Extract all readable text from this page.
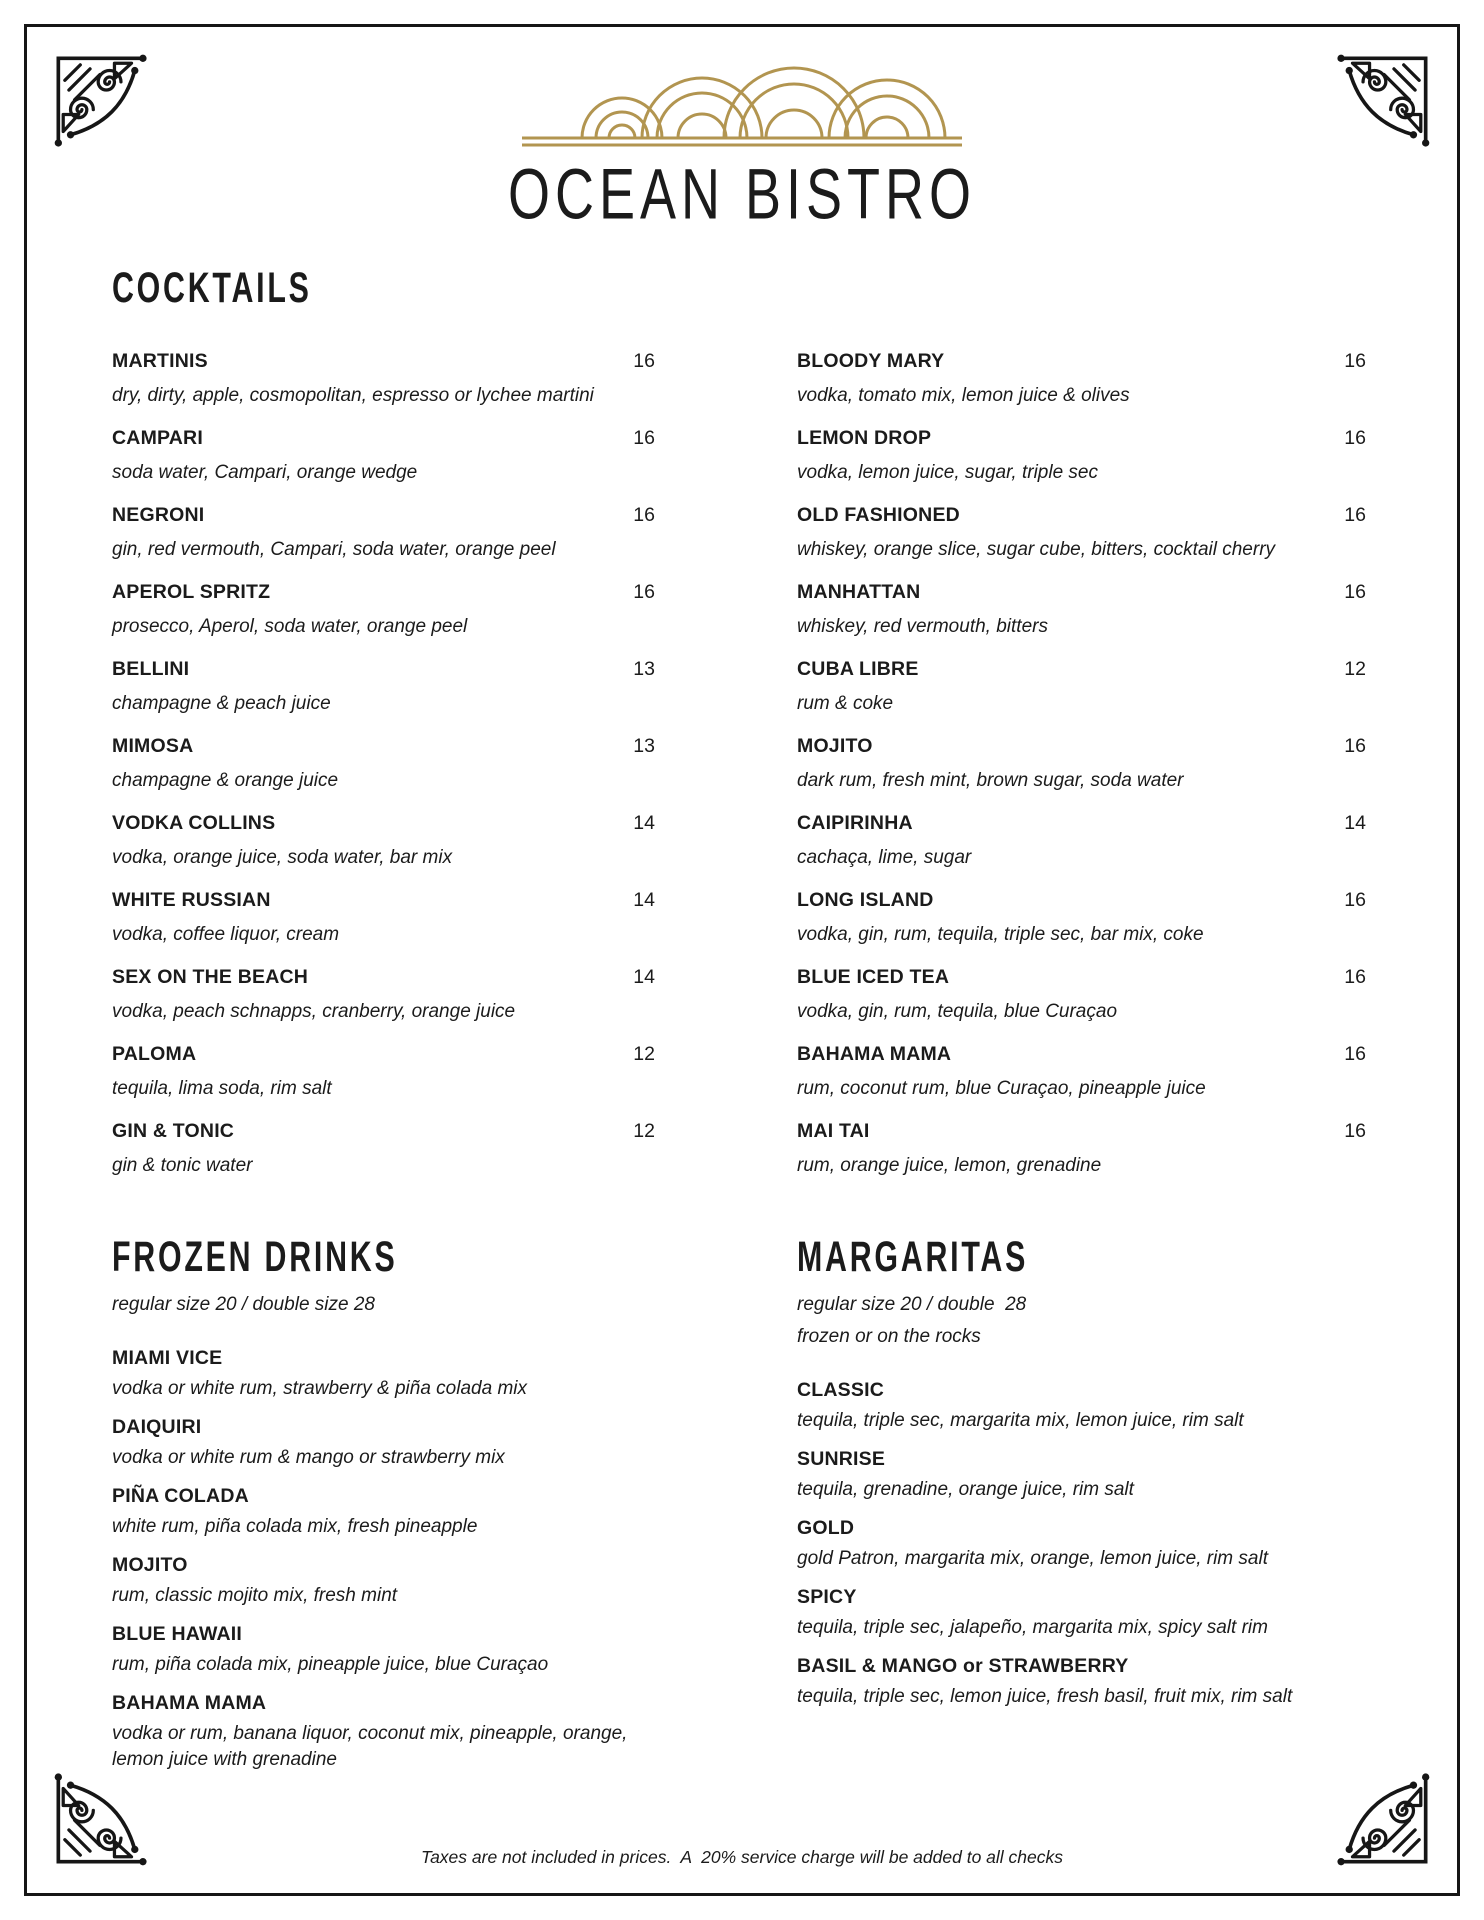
OCEAN BISTRO
COCKTAILS
MARTINIS	16
dry, dirty, apple, cosmopolitan, espresso or lychee martini
CAMPARI	16
soda water, Campari, orange wedge
NEGRONI	16
gin, red vermouth, Campari, soda water, orange peel
APEROL SPRITZ	16
prosecco, Aperol, soda water, orange peel
BELLINI	13
champagne & peach juice
MIMOSA	13
champagne & orange juice
VODKA COLLINS	14
vodka, orange juice, soda water, bar mix
WHITE RUSSIAN	14
vodka, coffee liquor, cream
SEX ON THE BEACH	14
vodka, peach schnapps, cranberry, orange juice
PALOMA	12
tequila, lima soda, rim salt
GIN & TONIC	12
gin & tonic water
BLOODY MARY	16
vodka, tomato mix, lemon juice & olives
LEMON DROP	16
vodka, lemon juice, sugar, triple sec
OLD FASHIONED	16
whiskey, orange slice, sugar cube, bitters, cocktail cherry
MANHATTAN	16
whiskey, red vermouth, bitters
CUBA LIBRE	12
rum & coke
MOJITO	16
dark rum, fresh mint, brown sugar, soda water
CAIPIRINHA	14
cachaça, lime, sugar
LONG ISLAND	16
vodka, gin, rum, tequila, triple sec, bar mix, coke
BLUE ICED TEA	16
vodka, gin, rum, tequila, blue Curaçao
BAHAMA MAMA	16
rum, coconut rum, blue Curaçao, pineapple juice
MAI TAI	16
rum, orange juice, lemon, grenadine
FROZEN DRINKS
regular size 20 / double size 28
MIAMI VICE
vodka or white rum, strawberry & piña colada mix
DAIQUIRI
vodka or white rum & mango or strawberry mix
PIÑA COLADA
white rum, piña colada mix, fresh pineapple
MOJITO
rum, classic mojito mix, fresh mint
BLUE HAWAII
rum, piña colada mix, pineapple juice, blue Curaçao
BAHAMA MAMA
vodka or rum, banana liquor, coconut mix, pineapple, orange, lemon juice with grenadine
MARGARITAS
regular size 20 / double  28
frozen or on the rocks
CLASSIC
tequila, triple sec, margarita mix, lemon juice, rim salt
SUNRISE
tequila, grenadine, orange juice, rim salt
GOLD
gold Patron, margarita mix, orange, lemon juice, rim salt
SPICY
tequila, triple sec, jalapeño, margarita mix, spicy salt rim
BASIL & MANGO or STRAWBERRY
tequila, triple sec, lemon juice, fresh basil, fruit mix, rim salt
Taxes are not included in prices.  A  20% service charge will be added to all checks
